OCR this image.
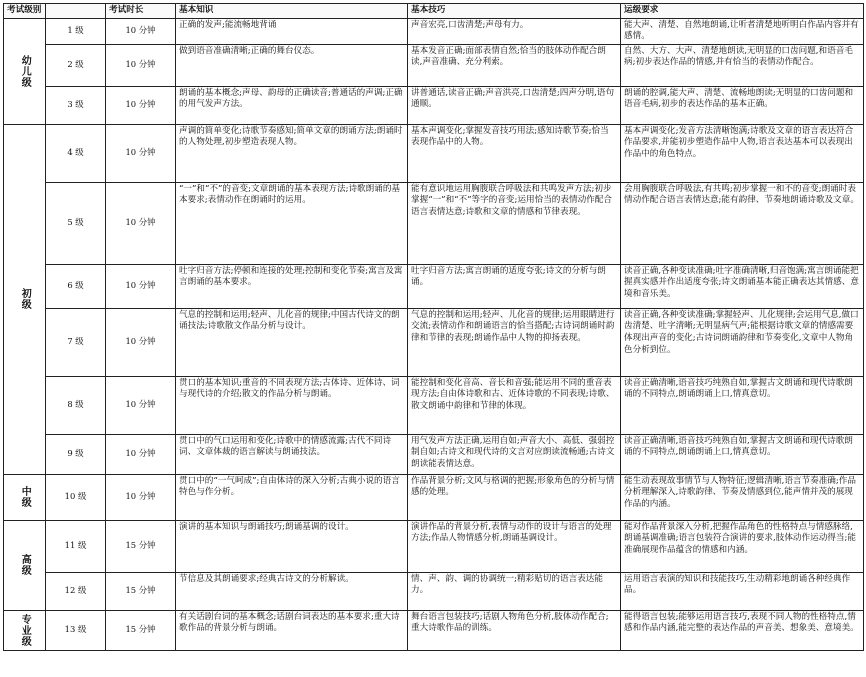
考试级别		考试时长	基本知识	基本技巧	运级要求

幼儿级	1 级	10 分钟	正确的发声;能流畅地背诵	声音宏亮,口齿清楚;声母有力。	能大声、清楚、自然地朗诵,让听者清楚地听明白作品内容并有感情。
	2 级	10 分钟	做到语音准确清晰;正确的舞台仪态。	基本发音正确;面部表情自然;恰当的肢体动作配合朗读,声音准确、充分利索。	自然、大方、大声、清楚地朗读,无明显的口齿问题,和语音毛病;初步表达作品的情感,并有恰当的表情动作配合。
	3 级	10 分钟	朗诵的基本概念;声母、韵母的正确读音;普通话的声调;正确的用气发声方法。	讲普通话,读音正确;声音洪亮,口齿清楚;四声分明,语句通顺。	朗诵的腔调,能大声、清楚、流畅地朗读;无明显的口齿问题和语音毛病,初步的表达作品的基本正确。

初级	4 级	10 分钟	声调的简单变化;诗歌节奏感知;简单文章的朗诵方法;朗诵时的人物处理,初步塑造表现人物。	基本声调变化;掌握发音技巧用法;感知诗歌节奏;恰当表现作品中的人物。	基本声调变化;发音方法清晰饱满;诗歌及文章的语言表达符合作品要求,并能初步塑造作品中人物,语言表达基本可以表现出作品中的角色特点。
	5 级	10 分钟	“一”和“不”的音变;文章朗诵的基本表现方法;诗歌朗诵的基本要求;表情动作在朗诵时的运用。	能有意识地运用胸腹联合呼吸法和共鸣发声方法;初步掌握“一”和“不”等字的音变;运用恰当的表情动作配合语言表情达意;诗歌和文章的情感和节律表现。	会用胸腹联合呼吸法,有共鸣;初步掌握一和不的音变;朗诵时表情动作配合语言表情达意;能有韵律、节奏地朗诵诗歌及文章。
	6 级	10 分钟	吐字归音方法;停顿和连接的处理;控制和变化节奏;寓言及寓言朗诵的基本要求。	吐字归音方法;寓言朗诵的适度夸张;诗文的分析与朗诵。	读音正确,各种变读准确;吐字准确清晰,归音饱满;寓言朗诵能把握真实感并作出适度夸张;诗文朗诵基本能正确表达其情感、意境和音乐美。
	7 级	10 分钟	气息的控制和运用;轻声、儿化音的规律;中国古代诗文的朗诵技法;诗歌散文作品分析与设计。	气息的控制和运用;轻声、儿化音的规律;运用眼睛进行交流;表情动作和朗诵语言的恰当搭配;古诗词朗诵时韵律和节律的表现;朗诵作品中人物的抑扬表现。	读音正确,各种变读准确;掌握轻声、儿化规律;会运用气息,做口齿清楚、吐字清晰;无明显病气声;能根据诗歌文章的情感需要体现出声音的变化;古诗词朗诵韵律和节奏变化,文章中人物角色分析到位。
	8 级	10 分钟	贯口的基本知识;重音的不同表现方法;古体诗、近体诗、词与现代诗的介绍;散文的作品分析与朗诵。	能控制和变化音高、音长和音强;能运用不同的重音表现方法;自由体诗歌和古、近体诗歌的不同表现;诗歌、散文朗诵中韵律和节律的体现。	读音正确清晰,语音技巧纯熟自如,掌握古文朗诵和现代诗歌朗诵的不同特点,朗诵朗诵上口,情真意切。
	9 级	10 分钟	贯口中的气口运用和变化;诗歌中的情感流露;古代不同诗词、文章体裁的语言解读与朗诵技法。	用气发声方法正确,运用自如;声音大小、高低、强弱控制自如;古诗文和现代诗的文言对应朗读流畅通;古诗文朗读能表情达意。	读音正确清晰,语音技巧纯熟自如,掌握古文朗诵和现代诗歌朗诵的不同特点,朗诵朗诵上口,情真意切。

中级	10 级	10 分钟	贯口中的“一气呵成”;自由体诗的深入分析;古典小说的语言特色与作分析。	作品背景分析;文风与格调的把握;形象角色的分析与情感的处理。	能生动表现故事情节与人物特征;逻辑清晰,语言节奏准确;作品分析理解深入,诗歌韵律、节奏及情感到位,能声情并茂的展现作品的内涵。

高级	11 级	15 分钟	演讲的基本知识与朗诵技巧;朗诵基调的设计。	演讲作品的背景分析,表情与动作的设计与语言的处理方法;作品人物情感分析,朗诵基调设计。	能对作品背景深入分析,把握作品角色的性格特点与情感脉络,朗诵基调准确;语言包装符合演讲的要求,肢体动作运动得当;能准确展现作品蕴含的情感和内涵。
	12 级	15 分钟	节信息及其朗诵要求;经典古诗文的分析解读。	情、声、韵、调的协调统一;精彩贴切的语言表达能力。	运用语言表演的知识和技能技巧,生动精彩地朗诵各种经典作品。

专业级	13 级	15 分钟	有关话剧台词的基本概念;话剧台词表达的基本要求;重大诗歌作品的背景分析与朗诵。	舞台语言包装技巧;话剧人物角色分析,肢体动作配合;重大诗歌作品的训练。	能得语言包装;能够运用语言技巧,表现不同人物的性格特点,情感和作品内涵,能完整的表达作品的声音美、想象美、意境美。
